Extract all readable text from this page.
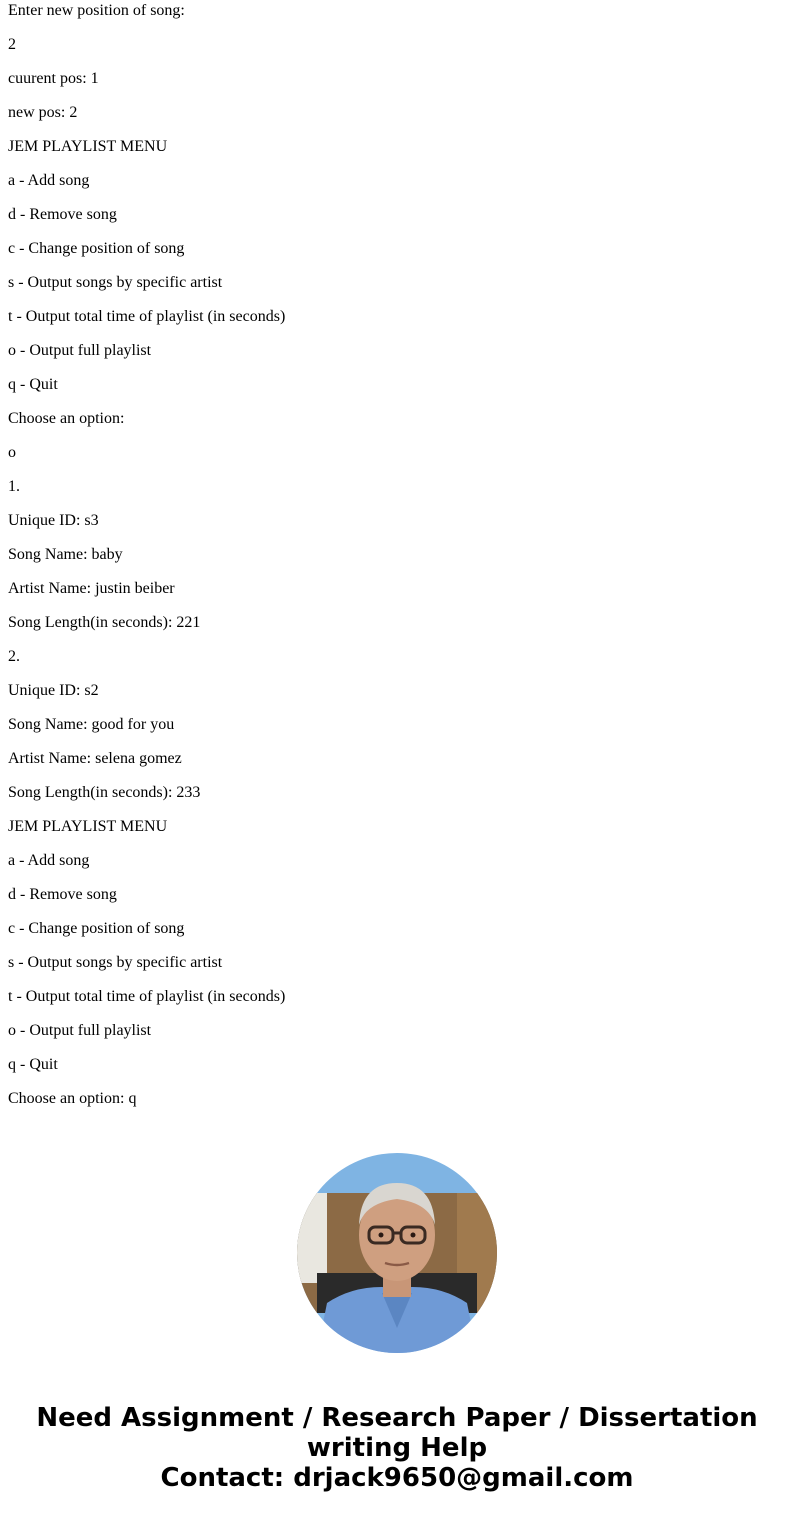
Enter new position of song:

2

cuurent pos: 1

new pos: 2

JEM PLAYLIST MENU

a - Add song

d - Remove song

c - Change position of song

s - Output songs by specific artist

t - Output total time of playlist (in seconds)

o - Output full playlist

q - Quit

Choose an option:

o

1.

Unique ID: s3

Song Name: baby

Artist Name: justin beiber

Song Length(in seconds): 221

2.

Unique ID: s2

Song Name: good for you

Artist Name: selena gomez

Song Length(in seconds): 233

JEM PLAYLIST MENU

a - Add song

d - Remove song

c - Change position of song

s - Output songs by specific artist

t - Output total time of playlist (in seconds)

o - Output full playlist

q - Quit

Choose an option: q

Need Assignment / Research Paper / Dissertation
writing Help
Contact: drjack9650@gmail.com
